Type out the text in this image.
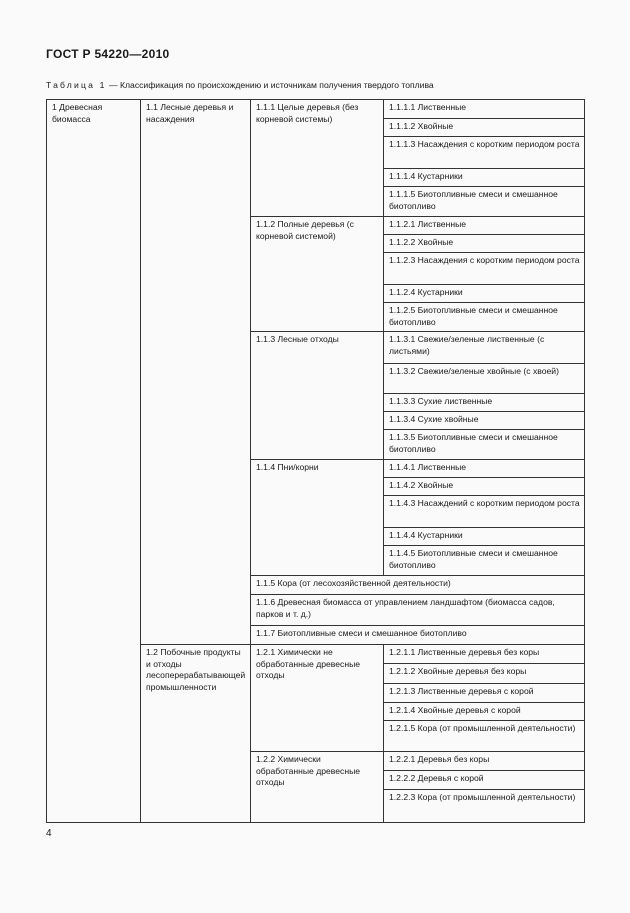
ГОСТ Р 54220—2010
Таблица 1 — Классификация по происхождению и источникам получения твердого топлива
1 Древесная биомасса	1.1 Лесные деревья и насаждения	1.1.1 Целые деревья (без корневой системы)	1.1.1.1 Лиственные

			1.1.1.2 Хвойные

			1.1.1.3 Насаждения с коротким периодом роста

			1.1.1.4 Кустарники

			1.1.1.5 Биотопливные смеси и смешанное биотопливо

		1.1.2 Полные деревья (с корневой системой)	1.1.2.1 Лиственные

			1.1.2.2 Хвойные

			1.1.2.3 Насаждения с коротким периодом роста

			1.1.2.4 Кустарники

			1.1.2.5 Биотопливные смеси и смешанное биотопливо

		1.1.3 Лесные отходы	1.1.3.1 Свежие/зеленые лиственные (с листьями)

			1.1.3.2 Свежие/зеленые хвойные (с хвоей)

			1.1.3.3 Сухие лиственные

			1.1.3.4 Сухие хвойные

			1.1.3.5 Биотопливные смеси и смешанное биотопливо

		1.1.4 Пни/корни	1.1.4.1 Лиственные

			1.1.4.2 Хвойные

			1.1.4.3 Насаждений с коротким периодом роста

			1.1.4.4 Кустарники

			1.1.4.5 Биотопливные смеси и смешанное биотопливо

		1.1.5 Кора (от лесохозяйственной деятельности)	

		1.1.6 Древесная биомасса от управлением ландшафтом (биомасса садов, парков и т. д.)	

		1.1.7 Биотопливные смеси и смешанное биотопливо	

	1.2 Побочные продукты и отходы лесоперерабатывающей промышленности	1.2.1 Химически не обработанные древесные отходы	1.2.1.1 Лиственные деревья без коры

			1.2.1.2 Хвойные деревья без коры

			1.2.1.3 Лиственные деревья с корой

			1.2.1.4 Хвойные деревья с корой

			1.2.1.5 Кора (от промышленной деятельности)

		1.2.2 Химически обработанные древесные отходы	1.2.2.1 Деревья без коры

			1.2.2.2 Деревья с корой

			1.2.2.3 Кора (от промышленной деятельности)
4
